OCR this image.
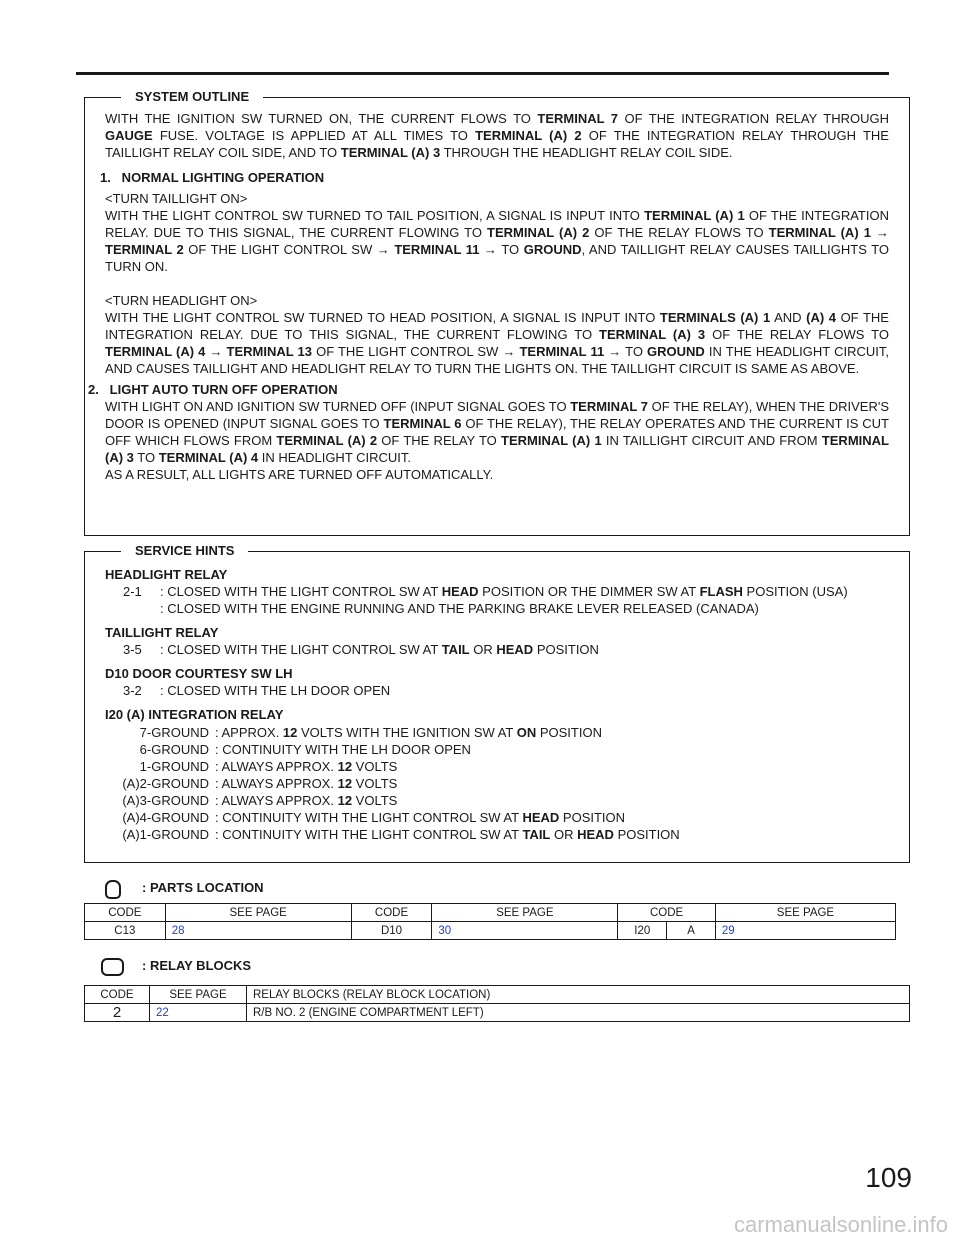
SYSTEM OUTLINE

WITH THE IGNITION SW TURNED ON, THE CURRENT FLOWS TO TERMINAL 7 OF THE INTEGRATION RELAY THROUGH GAUGE FUSE. VOLTAGE IS APPLIED AT ALL TIMES TO TERMINAL (A) 2 OF THE INTEGRATION RELAY THROUGH THE TAILLIGHT RELAY COIL SIDE, AND TO TERMINAL (A) 3 THROUGH THE HEADLIGHT RELAY COIL SIDE.

1.   NORMAL LIGHTING OPERATION

<TURN TAILLIGHT ON>

WITH THE LIGHT CONTROL SW TURNED TO TAIL POSITION, A SIGNAL IS INPUT INTO TERMINAL (A) 1 OF THE INTEGRATION RELAY. DUE TO THIS SIGNAL, THE CURRENT FLOWING TO TERMINAL (A) 2 OF THE RELAY FLOWS TO TERMINAL (A) 1 → TERMINAL 2 OF THE LIGHT CONTROL SW → TERMINAL 11 → TO GROUND, AND TAILLIGHT RELAY CAUSES TAILLIGHTS TO TURN ON.

<TURN HEADLIGHT ON>

WITH THE LIGHT CONTROL SW TURNED TO HEAD POSITION, A SIGNAL IS INPUT INTO TERMINALS (A) 1 AND (A) 4 OF THE INTEGRATION RELAY. DUE TO THIS SIGNAL, THE CURRENT FLOWING TO TERMINAL (A) 3 OF THE RELAY FLOWS TO TERMINAL (A) 4 → TERMINAL 13 OF THE LIGHT CONTROL SW → TERMINAL 11 → TO GROUND IN THE HEADLIGHT CIRCUIT, AND CAUSES TAILLIGHT AND HEADLIGHT RELAY TO TURN THE LIGHTS ON. THE TAILLIGHT CIRCUIT IS SAME AS ABOVE.

2.   LIGHT AUTO TURN OFF OPERATION

WITH LIGHT ON AND IGNITION SW TURNED OFF (INPUT SIGNAL GOES TO TERMINAL 7 OF THE RELAY), WHEN THE DRIVER'S DOOR IS OPENED (INPUT SIGNAL GOES TO TERMINAL 6 OF THE RELAY), THE RELAY OPERATES AND THE CURRENT IS CUT OFF WHICH FLOWS FROM TERMINAL (A) 2 OF THE RELAY TO TERMINAL (A) 1 IN TAILLIGHT CIRCUIT AND FROM TERMINAL (A) 3 TO TERMINAL (A) 4 IN HEADLIGHT CIRCUIT.

AS A RESULT, ALL LIGHTS ARE TURNED OFF AUTOMATICALLY.

SERVICE HINTS
HEADLIGHT RELAY
2-1	: CLOSED WITH THE LIGHT CONTROL SW AT HEAD POSITION OR THE DIMMER SW AT FLASH POSITION (USA)
: CLOSED WITH THE ENGINE RUNNING AND THE PARKING BRAKE LEVER RELEASED (CANADA)
TAILLIGHT RELAY
3-5	: CLOSED WITH THE LIGHT CONTROL SW AT TAIL OR HEAD POSITION
D10 DOOR COURTESY SW LH
3-2	: CLOSED WITH THE LH DOOR OPEN
I20 (A) INTEGRATION RELAY
7-GROUND : APPROX. 12 VOLTS WITH THE IGNITION SW AT ON POSITION
6-GROUND : CONTINUITY WITH THE LH DOOR OPEN
1-GROUND : ALWAYS APPROX. 12 VOLTS
(A)2-GROUND : ALWAYS APPROX. 12 VOLTS
(A)3-GROUND : ALWAYS APPROX. 12 VOLTS
(A)4-GROUND : CONTINUITY WITH THE LIGHT CONTROL SW AT HEAD POSITION
(A)1-GROUND : CONTINUITY WITH THE LIGHT CONTROL SW AT TAIL OR HEAD POSITION
: PARTS LOCATION
CODE	SEE PAGE	CODE	SEE PAGE	CODE		SEE PAGE
C13	28	D10	30	I20	A	29
: RELAY BLOCKS
CODE	SEE PAGE	RELAY BLOCKS (RELAY BLOCK LOCATION)
2	22	R/B NO. 2 (ENGINE COMPARTMENT LEFT)
109
carmanualsonline.info
